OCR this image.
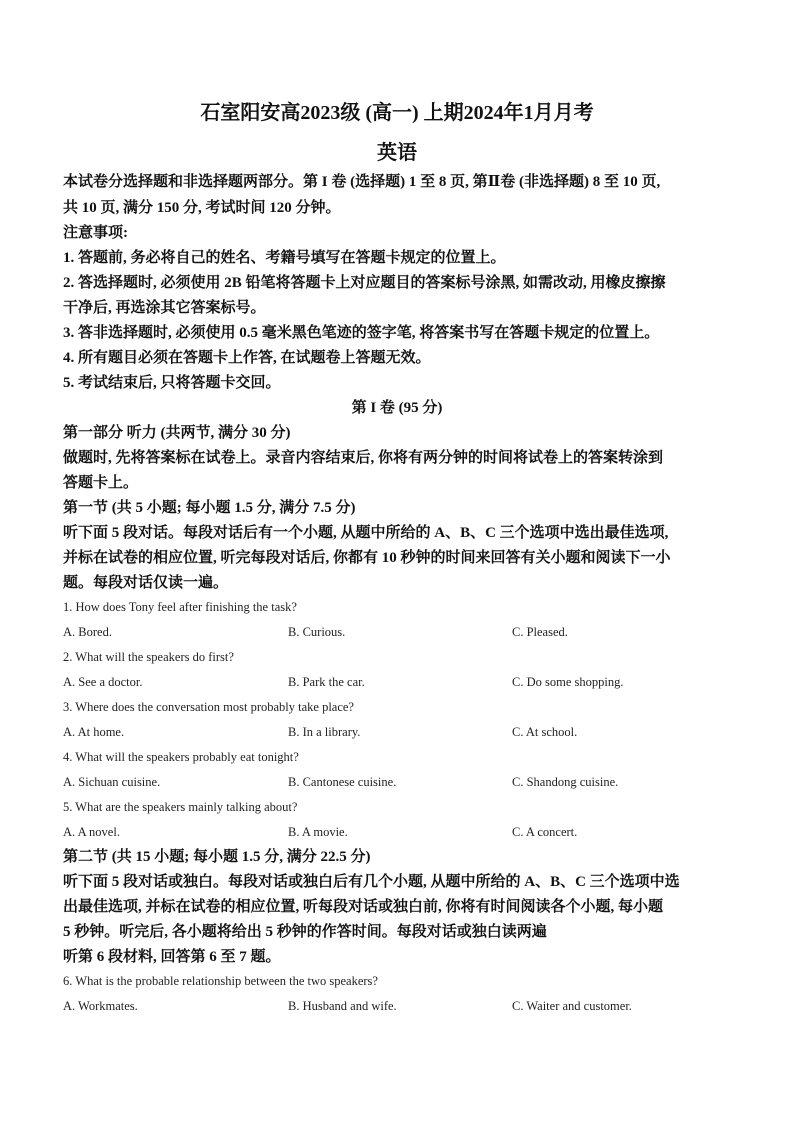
石室阳安高2023级 (高一) 上期2024年1月月考
英语
本试卷分选择题和非选择题两部分。第 I 卷 (选择题) 1 至 8 页, 第Ⅱ卷 (非选择题) 8 至 10 页,
共 10 页, 满分 150 分, 考试时间 120 分钟。
注意事项:
1. 答题前, 务必将自己的姓名、考籍号填写在答题卡规定的位置上。
2. 答选择题时, 必须使用 2B 铅笔将答题卡上对应题目的答案标号涂黑, 如需改动, 用橡皮擦擦
干净后, 再选涂其它答案标号。
3. 答非选择题时, 必须使用 0.5 毫米黑色笔迹的签字笔, 将答案书写在答题卡规定的位置上。
4. 所有题目必须在答题卡上作答, 在试题卷上答题无效。
5. 考试结束后, 只将答题卡交回。
第 I 卷 (95 分)
第一部分 听力 (共两节, 满分 30 分)
做题时, 先将答案标在试卷上。录音内容结束后, 你将有两分钟的时间将试卷上的答案转涂到
答题卡上。
第一节 (共 5 小题; 每小题 1.5 分, 满分 7.5 分)
听下面 5 段对话。每段对话后有一个小题, 从题中所给的 A、B、C 三个选项中选出最佳选项,
并标在试卷的相应位置, 听完每段对话后, 你都有 10 秒钟的时间来回答有关小题和阅读下一小
题。每段对话仅读一遍。
1. How does Tony feel after finishing the task?
A. Bored.	B. Curious.	C. Pleased.
2. What will the speakers do first?
A. See a doctor.	B. Park the car.	C. Do some shopping.
3. Where does the conversation most probably take place?
A. At home.	B. In a library.	C. At school.
4. What will the speakers probably eat tonight?
A. Sichuan cuisine.	B. Cantonese cuisine.	C. Shandong cuisine.
5. What are the speakers mainly talking about?
A. A novel.	B. A movie.	C. A concert.
第二节 (共 15 小题; 每小题 1.5 分, 满分 22.5 分)
听下面 5 段对话或独白。每段对话或独白后有几个小题, 从题中所给的 A、B、C 三个选项中选
出最佳选项, 并标在试卷的相应位置, 听每段对话或独白前, 你将有时间阅读各个小题, 每小题
5 秒钟。听完后, 各小题将给出 5 秒钟的作答时间。每段对话或独白读两遍
听第 6 段材料, 回答第 6 至 7 题。
6. What is the probable relationship between the two speakers?
A. Workmates.	B. Husband and wife.	C. Waiter and customer.
